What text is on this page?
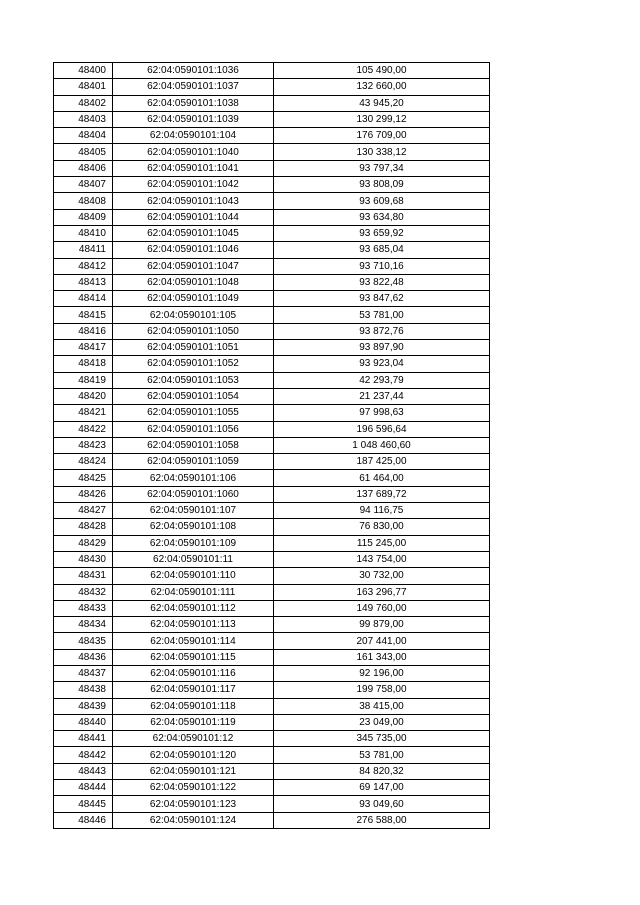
48400	62:04:0590101:1036	105 490,00
48401	62:04:0590101:1037	132 660,00
48402	62:04:0590101:1038	43 945,20
48403	62:04:0590101:1039	130 299,12
48404	62:04:0590101:104	176 709,00
48405	62:04:0590101:1040	130 338,12
48406	62:04:0590101:1041	93 797,34
48407	62:04:0590101:1042	93 808,09
48408	62:04:0590101:1043	93 609,68
48409	62:04:0590101:1044	93 634,80
48410	62:04:0590101:1045	93 659,92
48411	62:04:0590101:1046	93 685,04
48412	62:04:0590101:1047	93 710,16
48413	62:04:0590101:1048	93 822,48
48414	62:04:0590101:1049	93 847,62
48415	62:04:0590101:105	53 781,00
48416	62:04:0590101:1050	93 872,76
48417	62:04:0590101:1051	93 897,90
48418	62:04:0590101:1052	93 923,04
48419	62:04:0590101:1053	42 293,79
48420	62:04:0590101:1054	21 237,44
48421	62:04:0590101:1055	97 998,63
48422	62:04:0590101:1056	196 596,64
48423	62:04:0590101:1058	1 048 460,60
48424	62:04:0590101:1059	187 425,00
48425	62:04:0590101:106	61 464,00
48426	62:04:0590101:1060	137 689,72
48427	62:04:0590101:107	94 116,75
48428	62:04:0590101:108	76 830,00
48429	62:04:0590101:109	115 245,00
48430	62:04:0590101:11	143 754,00
48431	62:04:0590101:110	30 732,00
48432	62:04:0590101:111	163 296,77
48433	62:04:0590101:112	149 760,00
48434	62:04:0590101:113	99 879,00
48435	62:04:0590101:114	207 441,00
48436	62:04:0590101:115	161 343,00
48437	62:04:0590101:116	92 196,00
48438	62:04:0590101:117	199 758,00
48439	62:04:0590101:118	38 415,00
48440	62:04:0590101:119	23 049,00
48441	62:04:0590101:12	345 735,00
48442	62:04:0590101:120	53 781,00
48443	62:04:0590101:121	84 820,32
48444	62:04:0590101:122	69 147,00
48445	62:04:0590101:123	93 049,60
48446	62:04:0590101:124	276 588,00
